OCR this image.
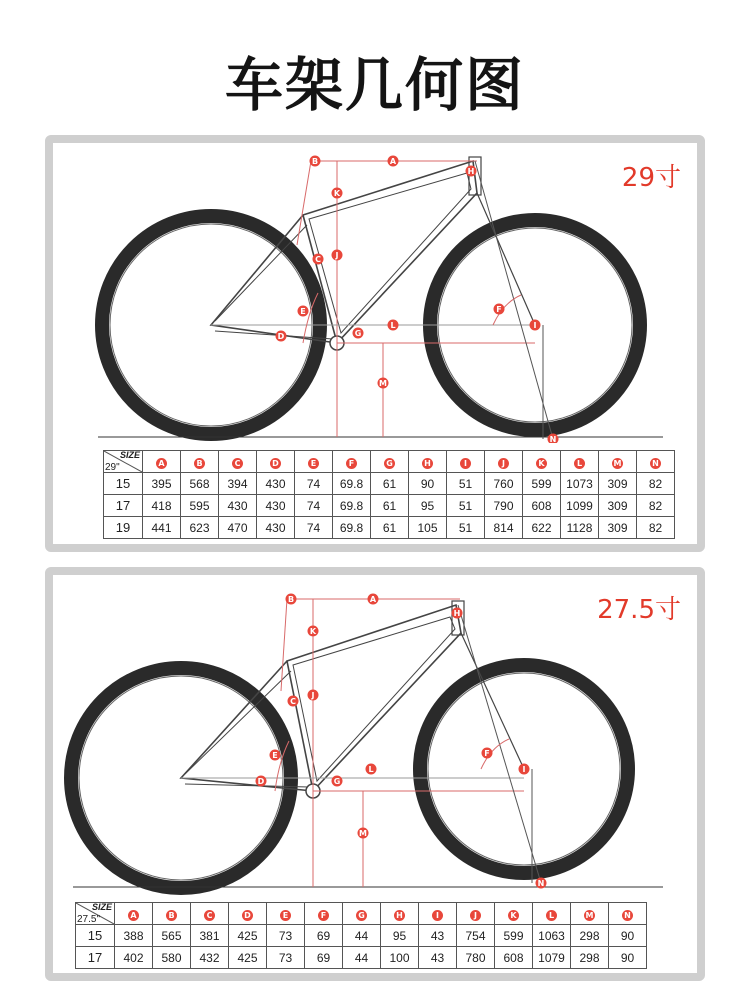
车架几何图
29寸
A
B
H
K
J
C
E	F
G
L	I
D
M
N
SIZE
29"	A	B	C	D	E	F	G	H	I	J	K	L	M	N
15	395	568	394	430	74	69.8	61	90	51	760	599	1073	309	82
17	418	595	430	430	74	69.8	61	95	51	790	608	1099	309	82
19	441	623	470	430	74	69.8	61	105	51	814	622	1128	309	82
27.5寸
A
B
H
K
J
C
E	F
G
L	I
D
M
N
SIZE
27.5"	A	B	C	D	E	F	G	H	I	J	K	L	M	N
15	388	565	381	425	73	69	44	95	43	754	599	1063	298	90
17	402	580	432	425	73	69	44	100	43	780	608	1079	298	90
